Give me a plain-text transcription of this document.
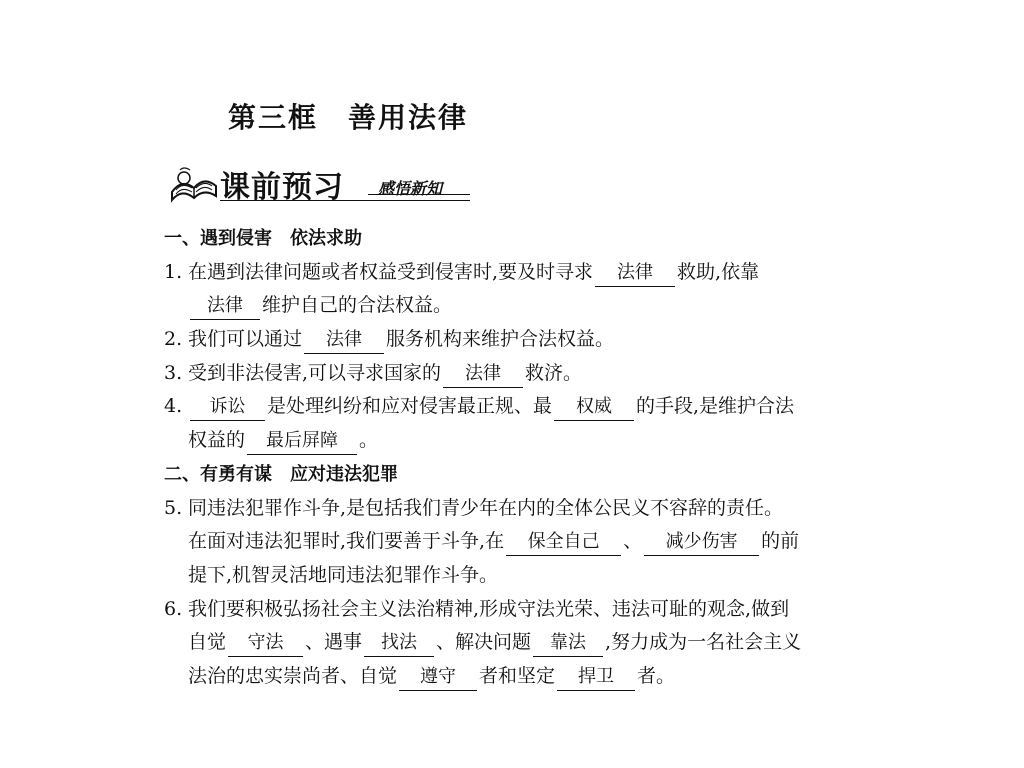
第三框　善用法律
课前预习 感悟新知
一、遇到侵害　依法求助
1. 在遇到法律问题或者权益受到侵害时,要及时寻求 法律 救助,依靠
法律 维护自己的合法权益。
2. 我们可以通过 法律 服务机构来维护合法权益。
3. 受到非法侵害,可以寻求国家的 法律 救济。
4. 诉讼 是处理纠纷和应对侵害最正规、最 权威 的手段,是维护合法
权益的 最后屏障 。
二、有勇有谋　应对违法犯罪
5. 同违法犯罪作斗争,是包括我们青少年在内的全体公民义不容辞的责任。
在面对违法犯罪时,我们要善于斗争,在 保全自己 、 减少伤害 的前
提下,机智灵活地同违法犯罪作斗争。
6. 我们要积极弘扬社会主义法治精神,形成守法光荣、违法可耻的观念,做到
自觉 守法 、遇事 找法 、解决问题 靠法 ,努力成为一名社会主义
法治的忠实崇尚者、自觉 遵守 者和坚定 捍卫 者。
